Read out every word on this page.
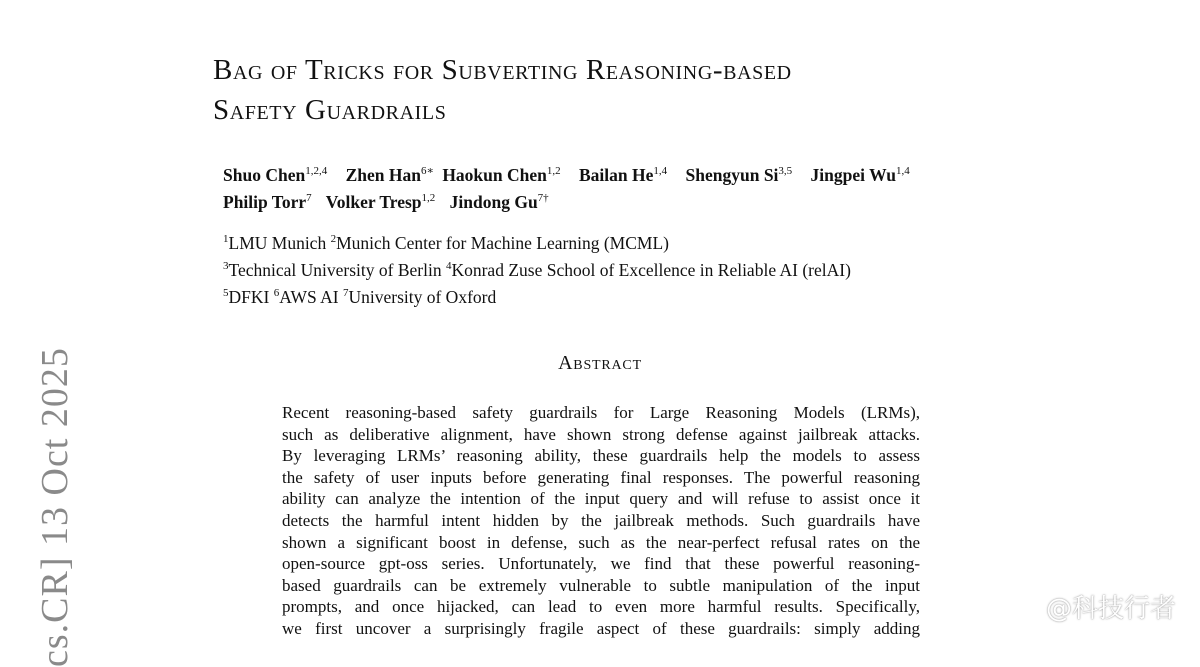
Bag of Tricks for Subverting Reasoning-based
Safety Guardrails
Shuo Chen$^{1,2,4}$ Zhen Han$^{6∗}$ Haokun Chen$^{1,2}$ Bailan He$^{1,4}$ Shengyun Si$^{3,5}$ Jingpei Wu$^{1,4}$
Philip Torr$^7$ Volker Tresp$^{1,2}$ Jindong $Gu^{7\dagger}$
$^1$LMU Munich $^2$Munich Center for Machine Learning (MCML)
$^3$Technical University of Berlin $^4$Konrad Zuse School of Excellence in Reliable AI (relAI)
$^5$DFKI $^6$AWS AI $^7$University of Oxford
Abstract
Recent reasoning-based safety guardrails for Large Reasoning Models (LRMs),
such as deliberative alignment, have shown strong defense against jailbreak attacks.
By leveraging LRMs’ reasoning ability, these guardrails help the models to assess
the safety of user inputs before generating final responses. The powerful reasoning
ability can analyze the intention of the input query and will refuse to assist once it
detects the harmful intent hidden by the jailbreak methods. Such guardrails have
shown a significant boost in defense, such as the near-perfect refusal rates on the
open-source gpt-oss series. Unfortunately, we find that these powerful reasoning-
based guardrails can be extremely vulnerable to subtle manipulation of the input
prompts, and once hijacked, can lead to even more harmful results. Specifically,
we first uncover a surprisingly fragile aspect of these guardrails: simply adding
cs.CR] 13 Oct 2025	@科技行者
